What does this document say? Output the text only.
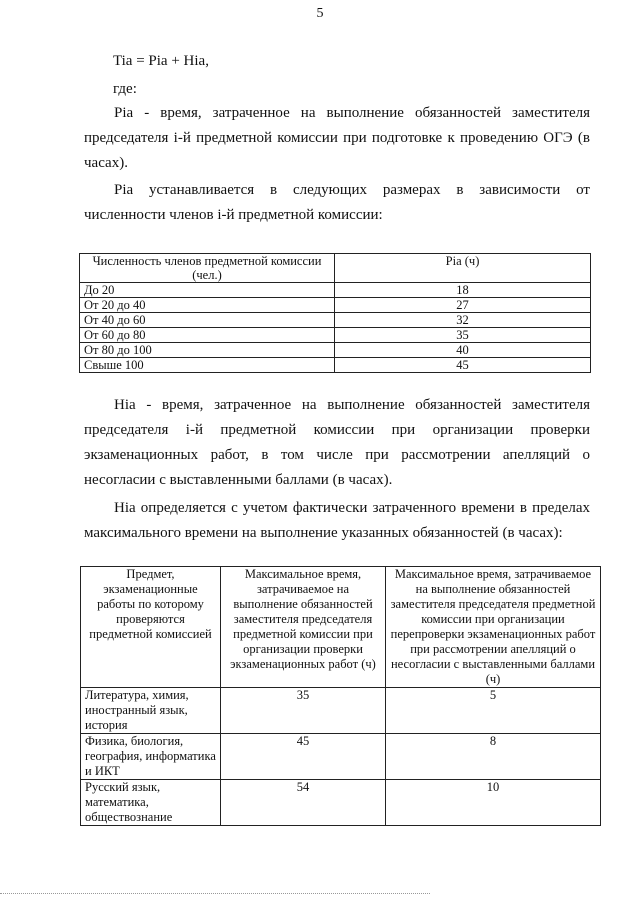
5
Tia = Pia + Hia,
где:

Pia - время, затраченное на выполнение обязанностей заместителя председателя i-й предметной комиссии при подготовке к проведению ОГЭ (в часах).

Pia устанавливается в следующих размерах в зависимости от численности членов i-й предметной комиссии:

Численность членов предметной комиссии (чел.)	Pia (ч)
До 20	18
От 20 до 40	27
От 40 до 60	32
От 60 до 80	35
От 80 до 100	40
Свыше 100	45

Hia - время, затраченное на выполнение обязанностей заместителя председателя i-й предметной комиссии при организации проверки экзаменационных работ, в том числе при рассмотрении апелляций о несогласии с выставленными баллами (в часах).

Hia определяется с учетом фактически затраченного времени в пределах максимального времени на выполнение указанных обязанностей (в часах):

Предмет, экзаменационные работы по которому проверяются предметной комиссией	Максимальное время, затрачиваемое на выполнение обязанностей заместителя председателя предметной комиссии при организации проверки экзаменационных работ (ч)	Максимальное время, затрачиваемое на выполнение обязанностей заместителя председателя предметной комиссии при организации перепроверки экзаменационных работ при рассмотрении апелляций о несогласии с выставленными баллами (ч)
Литература, химия, иностранный язык, история	35	5
Физика, биология, география, информатика и ИКТ	45	8
Русский язык, математика, обществознание	54	10
